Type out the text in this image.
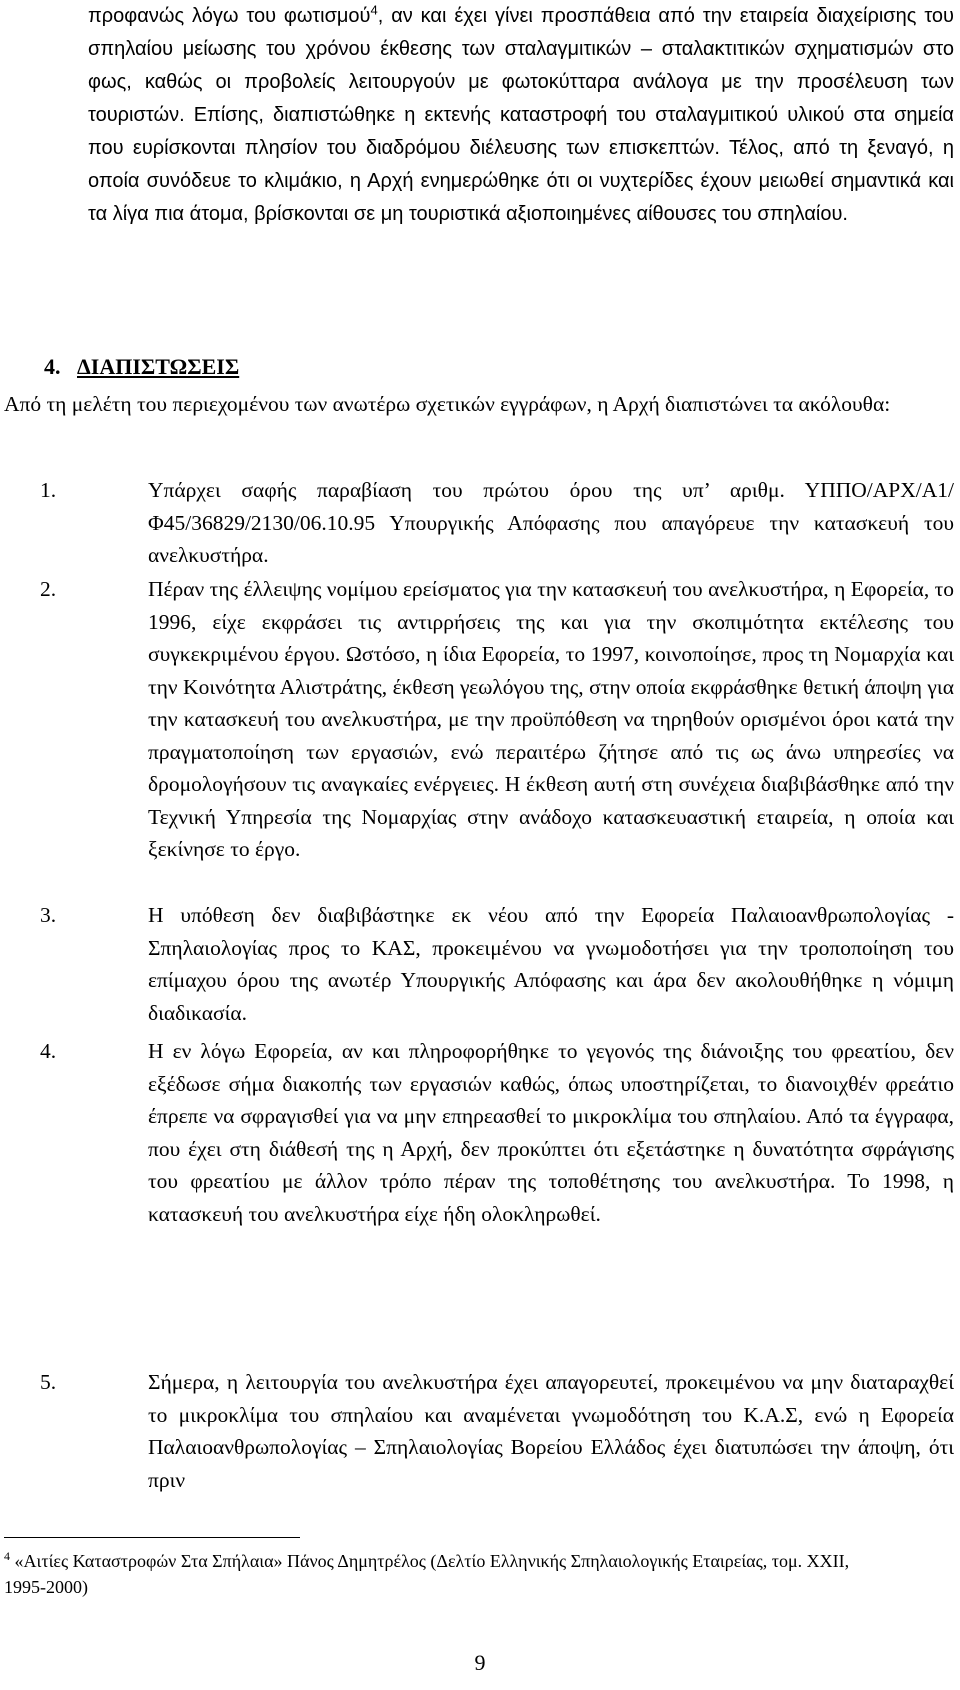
προφανώς λόγω του φωτισμού$^4$, αν και έχει γίνει προσπάθεια από την εταιρεία διαχείρισης του σπηλαίου μείωσης του χρόνου έκθεσης των σταλαγμιτικών – σταλακτιτικών σχηματισμών στο φως, καθώς οι προβολείς λειτουργούν με φωτοκύτταρα ανάλογα με την προσέλευση των τουριστών. Επίσης, διαπιστώθηκε η εκτενής καταστροφή του σταλαγμιτικού υλικού στα σημεία που ευρίσκονται πλησίον του διαδρόμου διέλευσης των επισκεπτών. Τέλος, από τη ξεναγό, η οποία συνόδευε το κλιμάκιο, η Αρχή ενημερώθηκε ότι οι νυχτερίδες έχουν μειωθεί σημαντικά και τα λίγα πια άτομα, βρίσκονται σε μη τουριστικά αξιοποιημένες αίθουσες του σπηλαίου.

4. ΔΙΑΠΙΣΤΩΣΕΙΣ

Από τη μελέτη του περιεχομένου των ανωτέρω σχετικών εγγράφων, η Αρχή διαπιστώνει τα ακόλουθα:

1.	Υπάρχει σαφής παραβίαση του πρώτου όρου της υπ’ αριθμ. ΥΠΠΟ/ΑΡΧ/Α1/Φ45/36829/2130/06.10.95 Υπουργικής Απόφασης που απαγόρευε την κατασκευή του ανελκυστήρα.
2.	Πέραν της έλλειψης νομίμου ερείσματος για την κατασκευή του ανελκυστήρα, η Εφορεία, το 1996, είχε εκφράσει τις αντιρρήσεις της και για την σκοπιμότητα εκτέλεσης του συγκεκριμένου έργου. Ωστόσο, η ίδια Εφορεία, το 1997, κοινοποίησε, προς τη Νομαρχία και την Κοινότητα Αλιστράτης, έκθεση γεωλόγου της, στην οποία εκφράσθηκε θετική άποψη για την κατασκευή του ανελκυστήρα, με την προϋπόθεση να τηρηθούν ορισμένοι όροι κατά την πραγματοποίηση των εργασιών, ενώ περαιτέρω ζήτησε από τις ως άνω υπηρεσίες να δρομολογήσουν τις αναγκαίες ενέργειες. Η έκθεση αυτή στη συνέχεια διαβιβάσθηκε από την Τεχνική Υπηρεσία της Νομαρχίας στην ανάδοχο κατασκευαστική εταιρεία, η οποία και ξεκίνησε το έργο.
3.	Η υπόθεση δεν διαβιβάστηκε εκ νέου από την Εφορεία Παλαιοανθρωπολογίας - Σπηλαιολογίας προς το ΚΑΣ, προκειμένου να γνωμοδοτήσει για την τροποποίηση του επίμαχου όρου της ανωτέρ Υπουργικής Απόφασης και άρα δεν ακολουθήθηκε η νόμιμη διαδικασία.
4.	Η εν λόγω Εφορεία, αν και πληροφορήθηκε το γεγονός της διάνοιξης του φρεατίου, δεν εξέδωσε σήμα διακοπής των εργασιών καθώς, όπως υποστηρίζεται, το διανοιχθέν φρεάτιο έπρεπε να σφραγισθεί για να μην επηρεασθεί το μικροκλίμα του σπηλαίου. Από τα έγγραφα, που έχει στη διάθεσή της η Αρχή, δεν προκύπτει ότι εξετάστηκε η δυνατότητα σφράγισης του φρεατίου με άλλον τρόπο πέραν της τοποθέτησης του ανελκυστήρα. Το 1998, η κατασκευή του ανελκυστήρα είχε ήδη ολοκληρωθεί.
5.	Σήμερα, η λειτουργία του ανελκυστήρα έχει απαγορευτεί, προκειμένου να μην διαταραχθεί το μικροκλίμα του σπηλαίου και αναμένεται γνωμοδότηση του Κ.Α.Σ, ενώ η Εφορεία Παλαιοανθρωπολογίας – Σπηλαιολογίας Βορείου Ελλάδος έχει διατυπώσει την άποψη, ότι πριν

$^4$ «Αιτίες Καταστροφών Στα Σπήλαια» Πάνος Δημητρέλος (Δελτίο Ελληνικής Σπηλαιολογικής Εταιρείας, τομ. XXII, 1995-2000)

9
